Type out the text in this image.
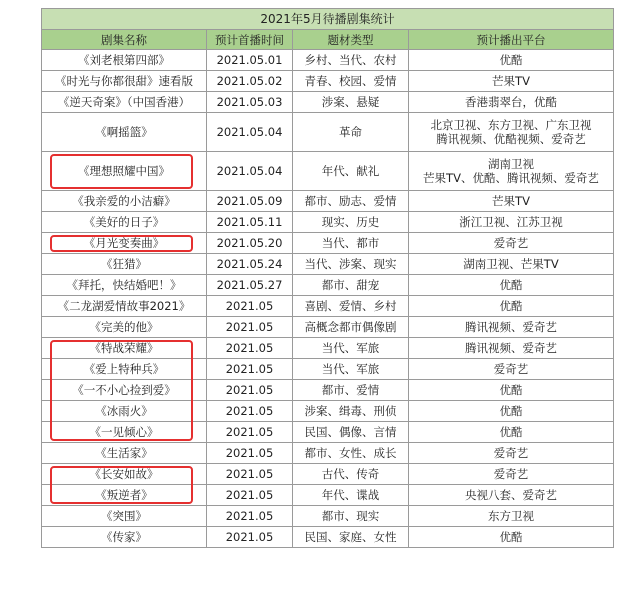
2021年5月待播剧集统计			
剧集名称	预计首播时间	题材类型	预计播出平台
《刘老根第四部》	2021.05.01	乡村、当代、农村	优酷
《时光与你都很甜》速看版	2021.05.02	青春、校园、爱情	芒果TV
《逆天奇案》（中国香港）	2021.05.03	涉案、悬疑	香港翡翠台，优酷
《啊摇篮》	2021.05.04	革命	北京卫视、东方卫视、广东卫视
腾讯视频、优酷视频、爱奇艺
《理想照耀中国》	2021.05.04	年代、献礼	湖南卫视
芒果TV、优酷、腾讯视频、爱奇艺
《我亲爱的小洁癖》	2021.05.09	都市、励志、爱情	芒果TV
《美好的日子》	2021.05.11	现实、历史	浙江卫视、江苏卫视
《月光变奏曲》	2021.05.20	当代、都市	爱奇艺
《狂猎》	2021.05.24	当代、涉案、现实	湖南卫视、芒果TV
《拜托，快结婚吧！》	2021.05.27	都市、甜宠	优酷
《二龙湖爱情故事2021》	2021.05	喜剧、爱情、乡村	优酷
《完美的他》	2021.05	高概念都市偶像剧	腾讯视频、爱奇艺
《特战荣耀》	2021.05	当代、军旅	腾讯视频、爱奇艺
《爱上特种兵》	2021.05	当代、军旅	爱奇艺
《一不小心捡到爱》	2021.05	都市、爱情	优酷
《冰雨火》	2021.05	涉案、缉毒、刑侦	优酷
《一见倾心》	2021.05	民国、偶像、言情	优酷
《生活家》	2021.05	都市、女性、成长	爱奇艺
《长安如故》	2021.05	古代、传奇	爱奇艺
《叛逆者》	2021.05	年代、谍战	央视八套、爱奇艺
《突围》	2021.05	都市、现实	东方卫视
《传家》	2021.05	民国、家庭、女性	优酷
